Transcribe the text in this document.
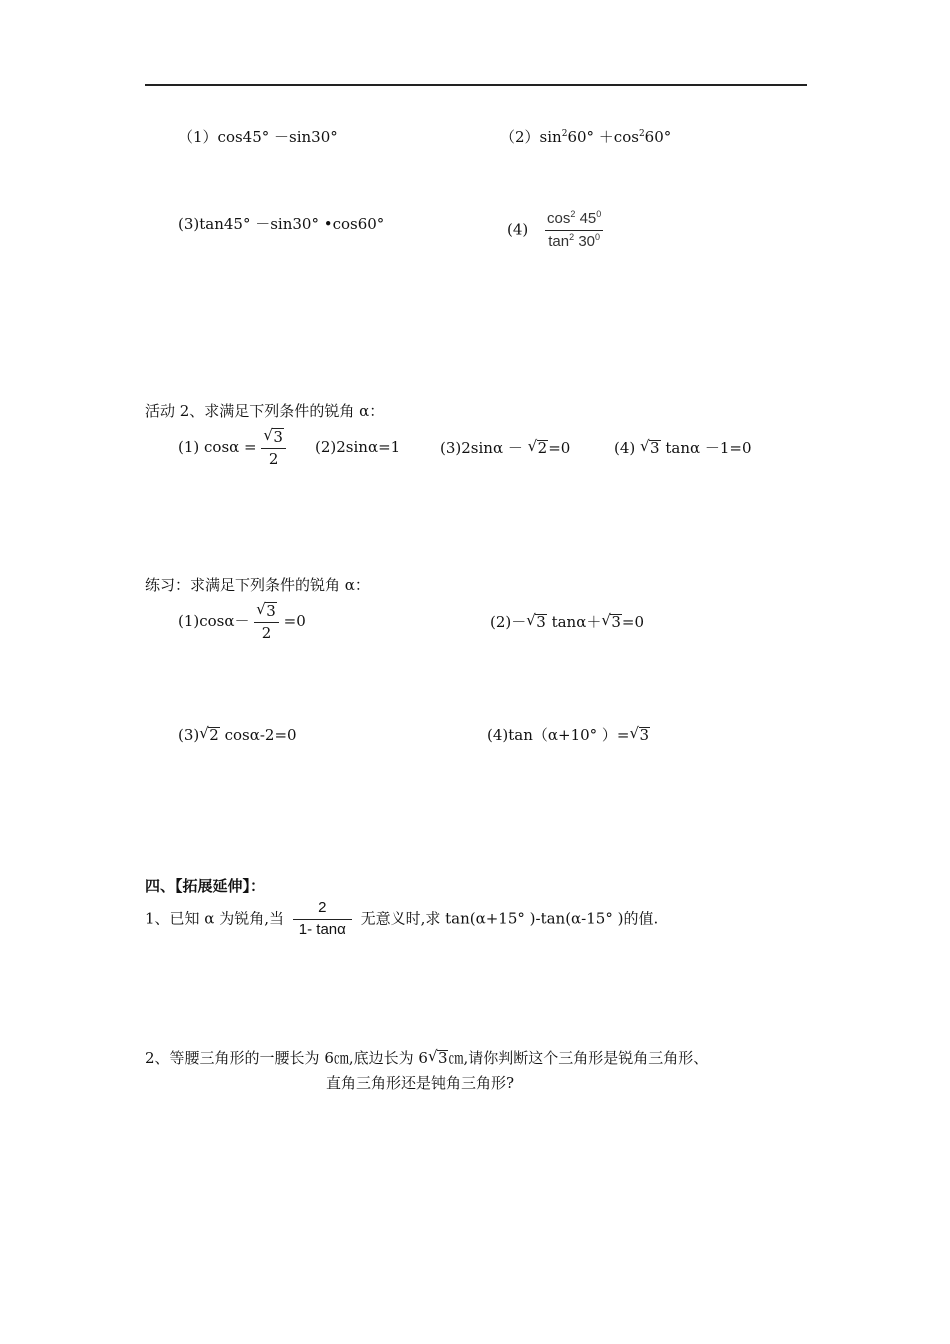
（1）cos45° －sin30°	$(2)\sin^260^\circ +\cos^260^\circ$
(3)tan45° －sin30° •cos60°	$(4) \frac{\cos^2 45^0}{\tan^2 30^0}$
活动 2、求满足下列条件的锐角 α：
(1) cosα = √ $\frac{3}{2} (2)2\sin\alpha=1$	(3)2sinα － √ 2=0	(4) √ 3 tanα －1=0
练习：求满足下列条件的锐角 α：
(1)cosα－ √ $\frac{3}{2} =0$	(2)－ √ 3 tanα＋ √ 3=0
(3) √ 2 cosα-2=0	(4)tan（α+10° ）= √ 3
四、【拓展延伸】：
1、已知 α 为锐角,当 $\frac{2}{1- \tan\alpha}$ 无意义时,求 tan(α+15° )-tan(α-15° )的值.
2、等腰三角形的一腰长为 6㎝,底边长为 6 √ 3㎝,请你判断这个三角形是锐角三角形、
直角三角形还是钝角三角形?
